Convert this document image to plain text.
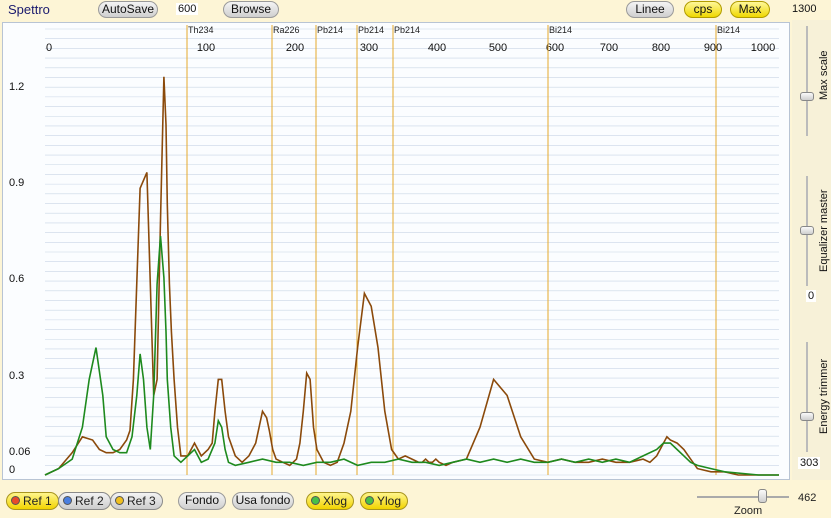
Spettro	AutoSave	600	Browse	Linee	cps	Max	1300
0	100	200	300	400	500	600	700	800	900	1000
0
0.06
0.3
0.6
0.9
1.2
Th234	Ra226 Pb214 Pb214 Pb214	Bi214	Bi214
Max scale
Equalizer master
0
Energy trimmer
303
Ref 1	Ref 2	Ref 3	Fondo	Usa fondo	Xlog	Ylog
Zoom
462
